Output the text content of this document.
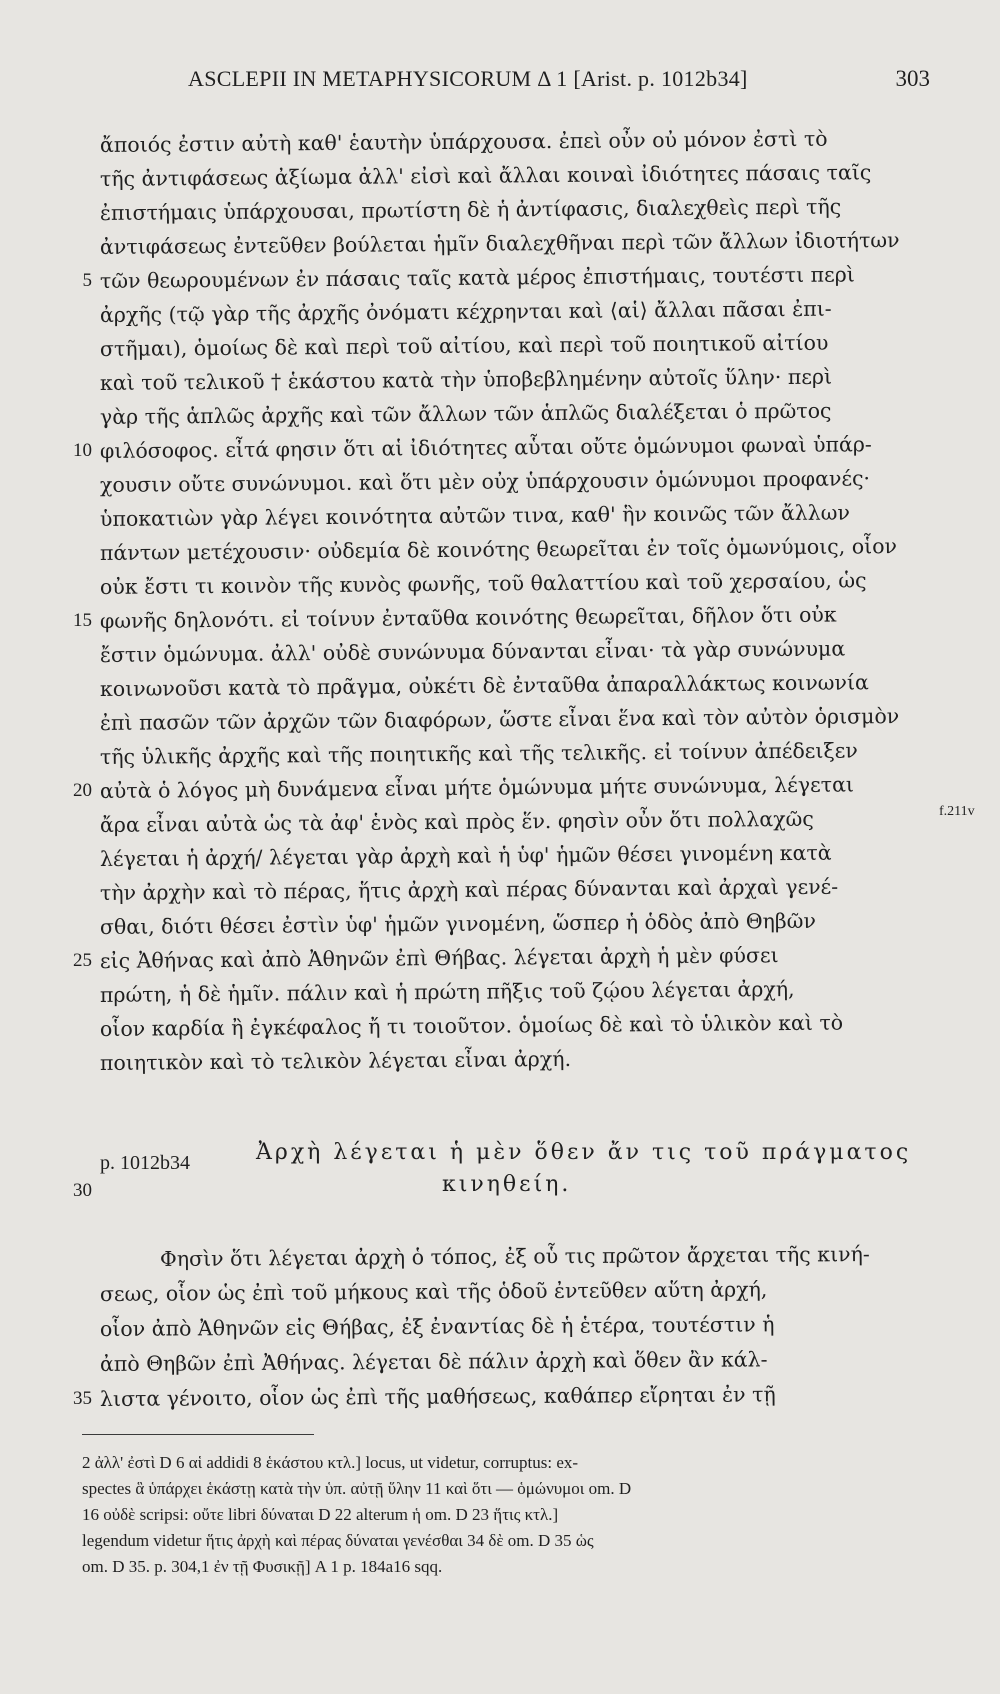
ASCLEPII IN METAPHYSICORUM Δ 1 [Arist. p. 1012b34]	303
ἄποιός ἐστιν αὐτὴ καθ' ἑαυτὴν ὑπάρχουσα. ἐπεὶ οὖν οὐ μόνον ἐστὶ τὸ
τῆς ἀντιφάσεως ἀξίωμα ἀλλ' εἰσὶ καὶ ἄλλαι κοιναὶ ἰδιότητες πάσαις ταῖς
ἐπιστήμαις ὑπάρχουσαι, πρωτίστη δὲ ἡ ἀντίφασις, διαλεχθεὶς περὶ τῆς
ἀντιφάσεως ἐντεῦθεν βούλεται ἡμῖν διαλεχθῆναι περὶ τῶν ἄλλων ἰδιοτήτων
5 τῶν θεωρουμένων ἐν πάσαις ταῖς κατὰ μέρος ἐπιστήμαις, τουτέστι περὶ
ἀρχῆς (τῷ γὰρ τῆς ἀρχῆς ὀνόματι κέχρηνται καὶ ⟨αἱ⟩ ἄλλαι πᾶσαι ἐπι-
στῆμαι), ὁμοίως δὲ καὶ περὶ τοῦ αἰτίου, καὶ περὶ τοῦ ποιητικοῦ αἰτίου
καὶ τοῦ τελικοῦ † ἑκάστου κατὰ τὴν ὑποβεβλημένην αὐτοῖς ὕλην· περὶ
γὰρ τῆς ἁπλῶς ἀρχῆς καὶ τῶν ἄλλων τῶν ἁπλῶς διαλέξεται ὁ πρῶτος
10 φιλόσοφος. εἶτά φησιν ὅτι αἱ ἰδιότητες αὗται οὔτε ὁμώνυμοι φωναὶ ὑπάρ-
χουσιν οὔτε συνώνυμοι. καὶ ὅτι μὲν οὐχ ὑπάρχουσιν ὁμώνυμοι προφανές·
ὑποκατιὼν γὰρ λέγει κοινότητα αὐτῶν τινα, καθ' ἣν κοινῶς τῶν ἄλλων
πάντων μετέχουσιν· οὐδεμία δὲ κοινότης θεωρεῖται ἐν τοῖς ὁμωνύμοις, οἷον
οὐκ ἔστι τι κοινὸν τῆς κυνὸς φωνῆς, τοῦ θαλαττίου καὶ τοῦ χερσαίου, ὡς
15 φωνῆς δηλονότι. εἰ τοίνυν ἐνταῦθα κοινότης θεωρεῖται, δῆλον ὅτι οὐκ
ἔστιν ὁμώνυμα. ἀλλ' οὐδὲ συνώνυμα δύνανται εἶναι· τὰ γὰρ συνώνυμα
κοινωνοῦσι κατὰ τὸ πρᾶγμα, οὐκέτι δὲ ἐνταῦθα ἀπαραλλάκτως κοινωνία
ἐπὶ πασῶν τῶν ἀρχῶν τῶν διαφόρων, ὥστε εἶναι ἕνα καὶ τὸν αὐτὸν ὁρισμὸν
τῆς ὑλικῆς ἀρχῆς καὶ τῆς ποιητικῆς καὶ τῆς τελικῆς. εἰ τοίνυν ἀπέδειξεν
20 αὐτὰ ὁ λόγος μὴ δυνάμενα εἶναι μήτε ὁμώνυμα μήτε συνώνυμα, λέγεται
ἄρα εἶναι αὐτὰ ὡς τὰ ἀφ' ἑνὸς καὶ πρὸς ἕν. φησὶν οὖν ὅτι πολλαχῶς
λέγεται ἡ ἀρχή/ λέγεται γὰρ ἀρχὴ καὶ ἡ ὑφ' ἡμῶν θέσει γινομένη κατὰ
τὴν ἀρχὴν καὶ τὸ πέρας, ἥτις ἀρχὴ καὶ πέρας δύνανται καὶ ἀρχαὶ γενέ-
σθαι, διότι θέσει ἐστὶν ὑφ' ἡμῶν γινομένη, ὥσπερ ἡ ὁδὸς ἀπὸ Θηβῶν
25 εἰς Ἀθήνας καὶ ἀπὸ Ἀθηνῶν ἐπὶ Θήβας. λέγεται ἀρχὴ ἡ μὲν φύσει
πρώτη, ἡ δὲ ἡμῖν. πάλιν καὶ ἡ πρώτη πῆξις τοῦ ζῴου λέγεται ἀρχή,
οἷον καρδία ἢ ἐγκέφαλος ἤ τι τοιοῦτον. ὁμοίως δὲ καὶ τὸ ὑλικὸν καὶ τὸ
ποιητικὸν καὶ τὸ τελικὸν λέγεται εἶναι ἀρχή.
f.211v
p. 1012b34	Ἀρχὴ λέγεται ἡ μὲν ὅθεν ἄν τις τοῦ πράγματος
κινηθείη.
30
Φησὶν ὅτι λέγεται ἀρχὴ ὁ τόπος, ἐξ οὗ τις πρῶτον ἄρχεται τῆς κινή-
σεως, οἷον ὡς ἐπὶ τοῦ μήκους καὶ τῆς ὁδοῦ ἐντεῦθεν αὕτη ἀρχή,
οἷον ἀπὸ Ἀθηνῶν εἰς Θήβας, ἐξ ἐναντίας δὲ ἡ ἑτέρα, τουτέστιν ἡ
ἀπὸ Θηβῶν ἐπὶ Ἀθήνας. λέγεται δὲ πάλιν ἀρχὴ καὶ ὅθεν ἂν κάλ-
35 λιστα γένοιτο, οἷον ὡς ἐπὶ τῆς μαθήσεως, καθάπερ εἴρηται ἐν τῇ
2 ἀλλ' ἐστὶ D 6 αἱ addidi 8 ἑκάστου κτλ.] locus, ut videtur, corruptus: ex-
spectes ἃ ὑπάρχει ἑκάστῃ κατὰ τὴν ὑπ. αὐτῇ ὕλην 11 καὶ ὅτι — ὁμώνυμοι om. D
16 οὐδὲ scripsi: οὔτε libri δύναται D 22 alterum ἡ om. D 23 ἥτις κτλ.]
legendum videtur ἥτις ἀρχὴ καὶ πέρας δύναται γενέσθαι 34 δὲ om. D 35 ὡς
om. D 35. p. 304,1 ἐν τῇ Φυσικῇ] A 1 p. 184a16 sqq.
